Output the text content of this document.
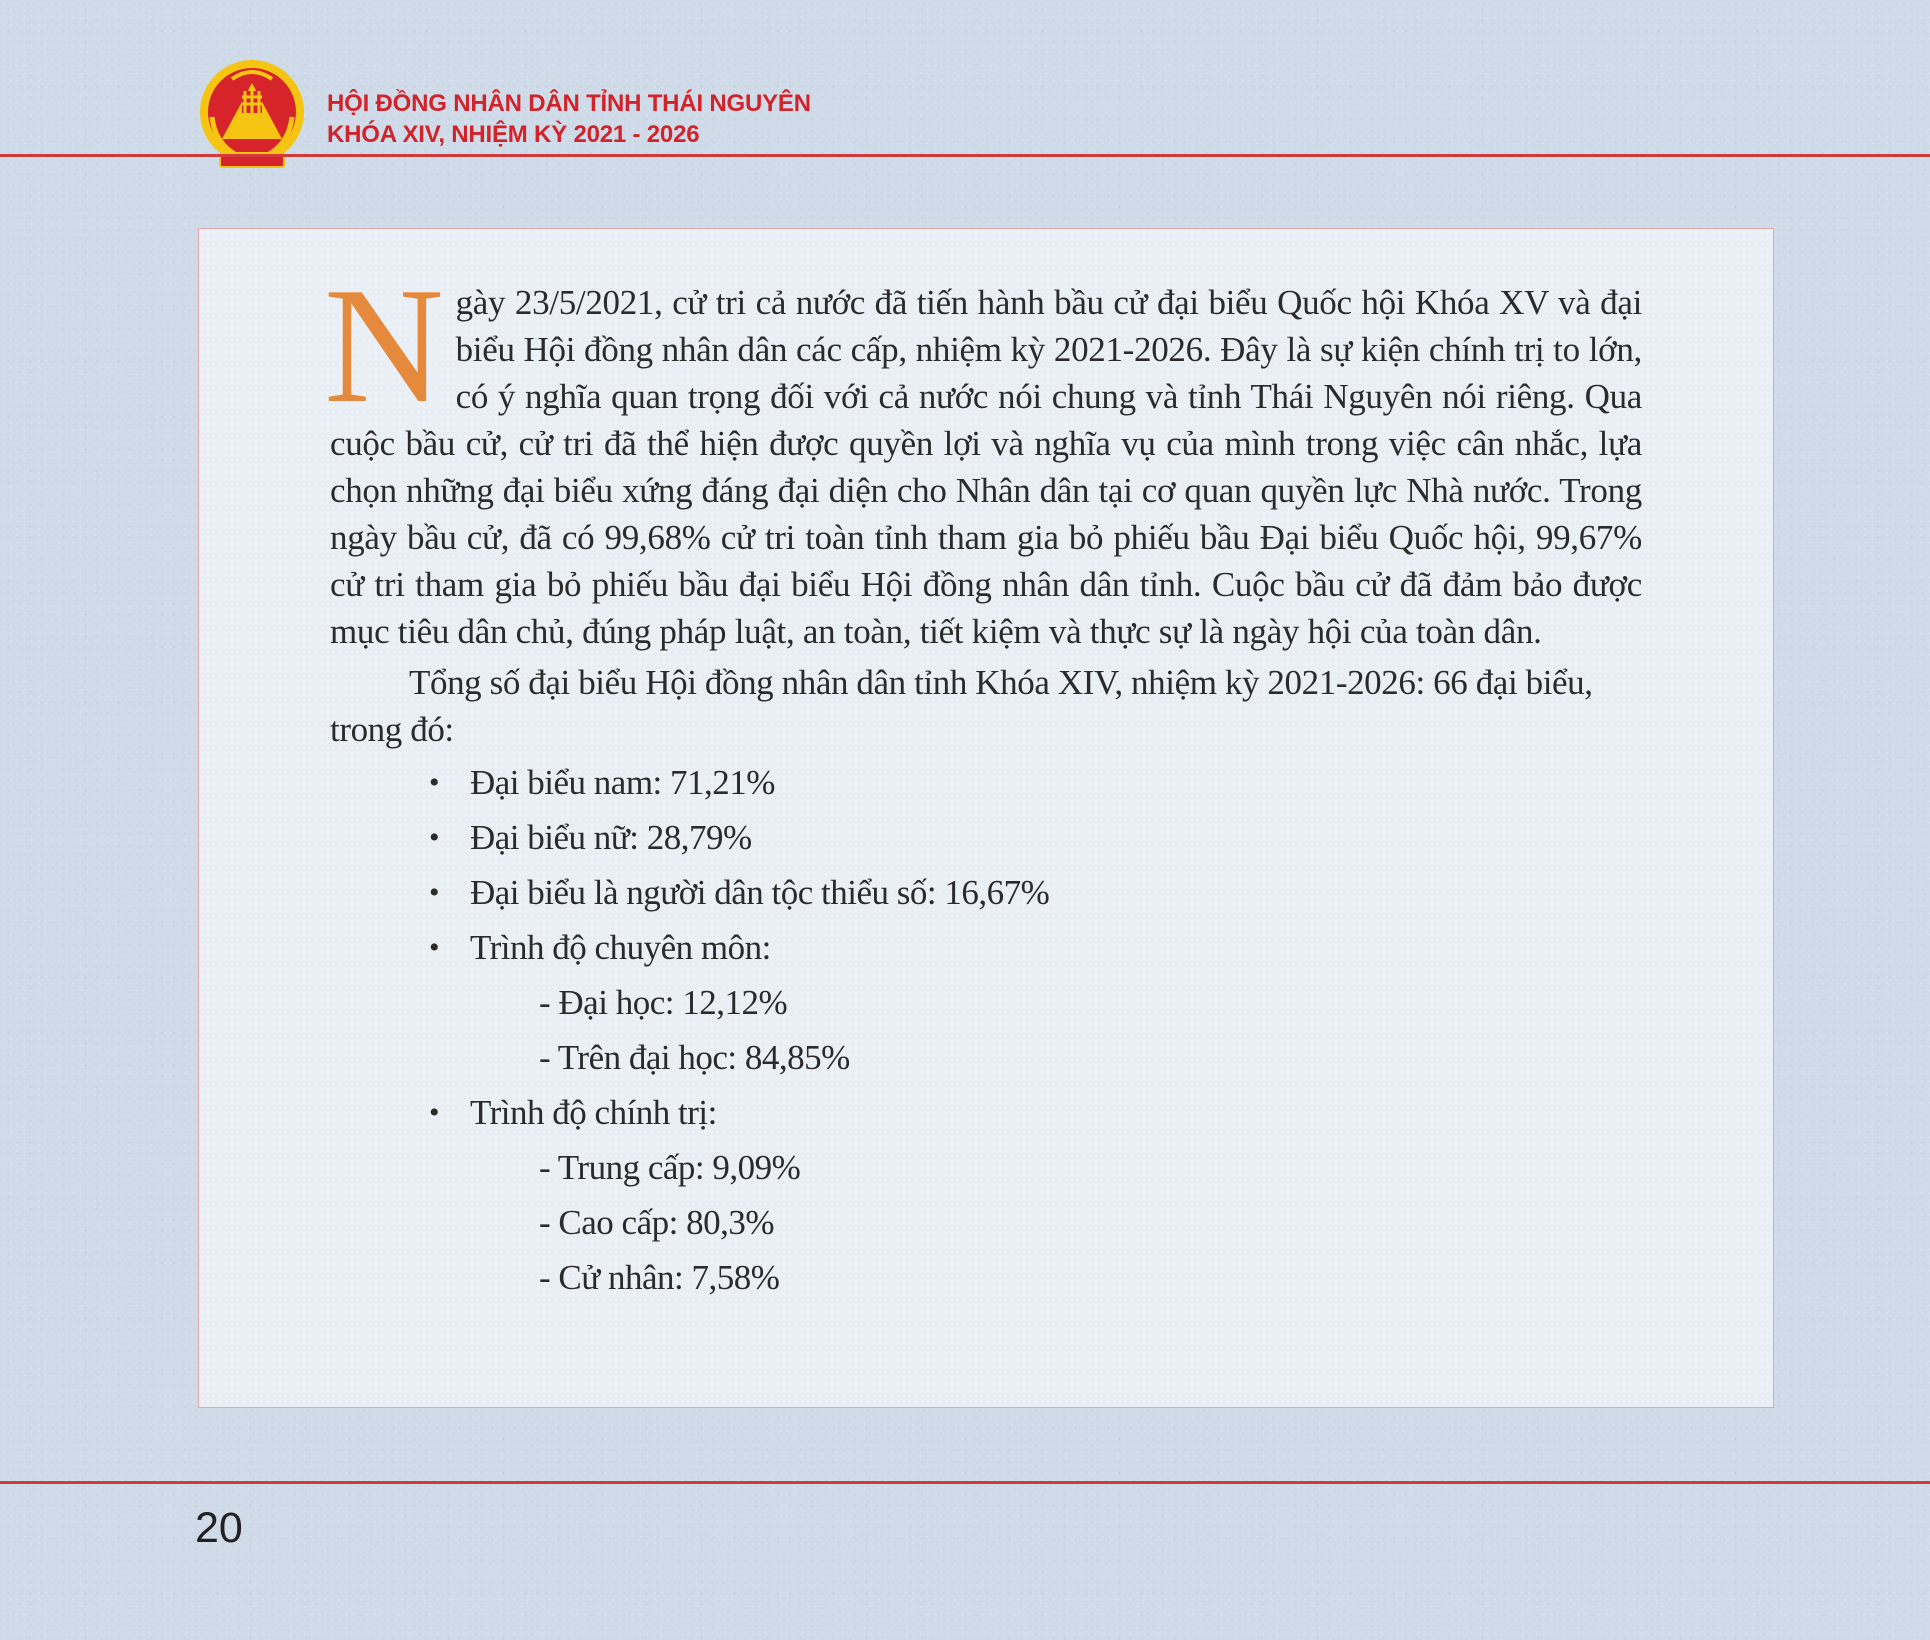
HỘI ĐỒNG NHÂN DÂN TỈNH THÁI NGUYÊN
KHÓA XIV, NHIỆM KỲ 2021 - 2026

Ngày 23/5/2021, cử tri cả nước đã tiến hành bầu cử đại biểu Quốc hội Khóa XV và đại biểu Hội đồng nhân dân các cấp, nhiệm kỳ 2021-2026. Đây là sự kiện chính trị to lớn, có ý nghĩa quan trọng đối với cả nước nói chung và tỉnh Thái Nguyên nói riêng. Qua cuộc bầu cử, cử tri đã thể hiện được quyền lợi và nghĩa vụ của mình trong việc cân nhắc, lựa chọn những đại biểu xứng đáng đại diện cho Nhân dân tại cơ quan quyền lực Nhà nước. Trong ngày bầu cử, đã có 99,68% cử tri toàn tỉnh tham gia bỏ phiếu bầu Đại biểu Quốc hội, 99,67% cử tri tham gia bỏ phiếu bầu đại biểu Hội đồng nhân dân tỉnh. Cuộc bầu cử đã đảm bảo được mục tiêu dân chủ, đúng pháp luật, an toàn, tiết kiệm và thực sự là ngày hội của toàn dân.

Tổng số đại biểu Hội đồng nhân dân tỉnh Khóa XIV, nhiệm kỳ 2021-2026: 66 đại biểu, trong đó:

• Đại biểu nam: 71,21%
• Đại biểu nữ: 28,79%
• Đại biểu là người dân tộc thiểu số: 16,67%
• Trình độ chuyên môn:
- Đại học: 12,12%
- Trên đại học: 84,85%
• Trình độ chính trị:
- Trung cấp: 9,09%
- Cao cấp: 80,3%
- Cử nhân: 7,58%
20
